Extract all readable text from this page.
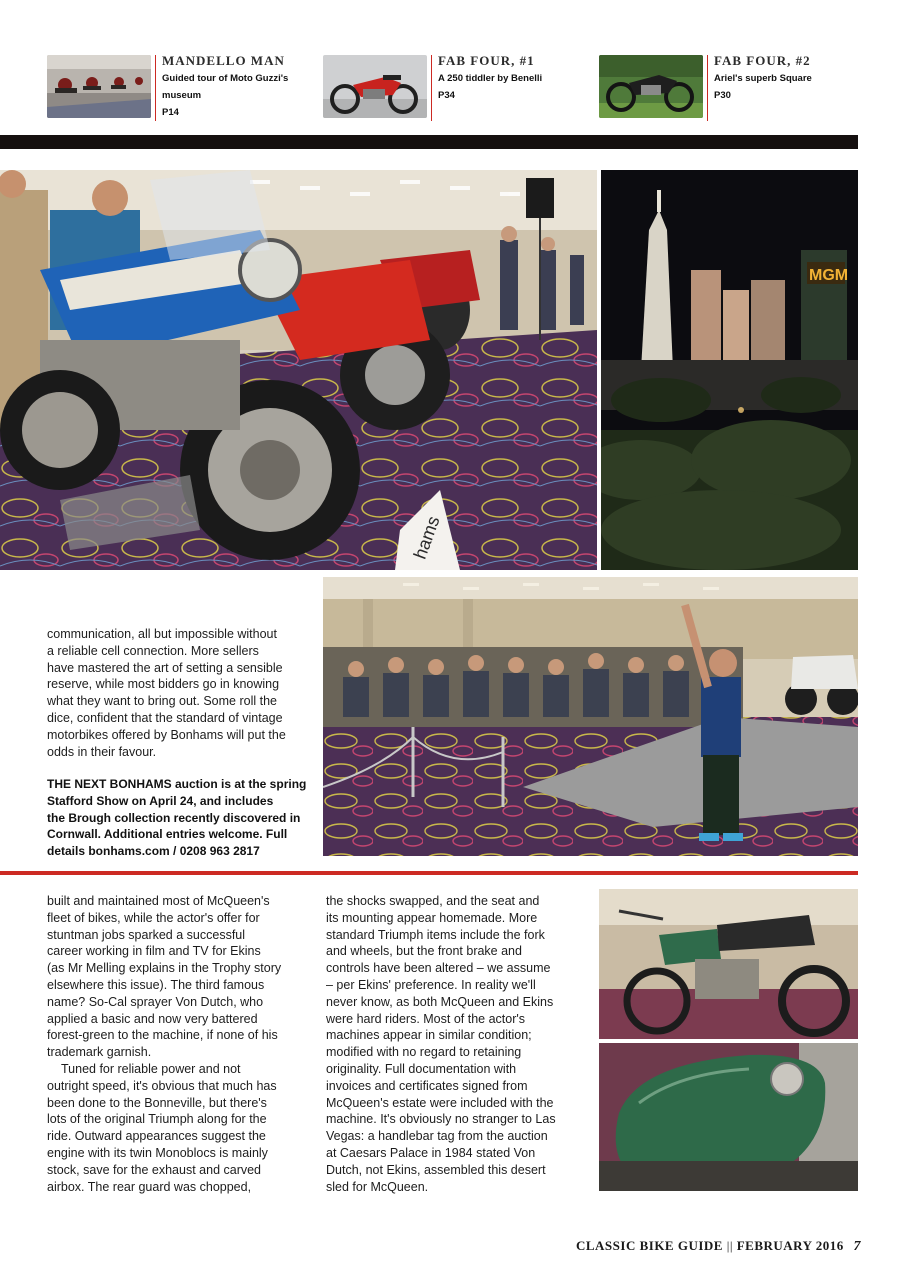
MANDELLO MAN
Guided tour of Moto Guzzi's
museum
P14
FAB FOUR, #1
A 250 tiddler by Benelli
P34
FAB FOUR, #2
Ariel's superb Square
P30
hams
MGM

communication, all but impossible without

a reliable cell connection. More sellers

have mastered the art of setting a sensible

reserve, while most bidders go in knowing

what they want to bring out. Some roll the

dice, confident that the standard of vintage

motorbikes offered by Bonhams will put the

odds in their favour.

THE NEXT BONHAMS auction is at the spring
Stafford Show on April 24, and includes
the Brough collection recently discovered in
Cornwall. Additional entries welcome. Full
details bonhams.com / 0208 963 2817

built and maintained most of McQueen's

fleet of bikes, while the actor's offer for

stuntman jobs sparked a successful

career working in film and TV for Ekins

(as Mr Melling explains in the Trophy story

elsewhere this issue). The third famous

name? So-Cal sprayer Von Dutch, who

applied a basic and now very battered

forest-green to the machine, if none of his

trademark garnish.

Tuned for reliable power and not

outright speed, it's obvious that much has

been done to the Bonneville, but there's

lots of the original Triumph along for the

ride. Outward appearances suggest the

engine with its twin Monoblocs is mainly

stock, save for the exhaust and carved

airbox. The rear guard was chopped,

the shocks swapped, and the seat and

its mounting appear homemade. More

standard Triumph items include the fork

and wheels, but the front brake and

controls have been altered – we assume

– per Ekins' preference. In reality we'll

never know, as both McQueen and Ekins

were hard riders. Most of the actor's

machines appear in similar condition;

modified with no regard to retaining

originality. Full documentation with

invoices and certificates signed from

McQueen's estate were included with the

machine. It's obviously no stranger to Las

Vegas: a handlebar tag from the auction

at Caesars Palace in 1984 stated Von

Dutch, not Ekins, assembled this desert

sled for McQueen.

CLASSIC BIKE GUIDE || FEBRUARY 2016 7
